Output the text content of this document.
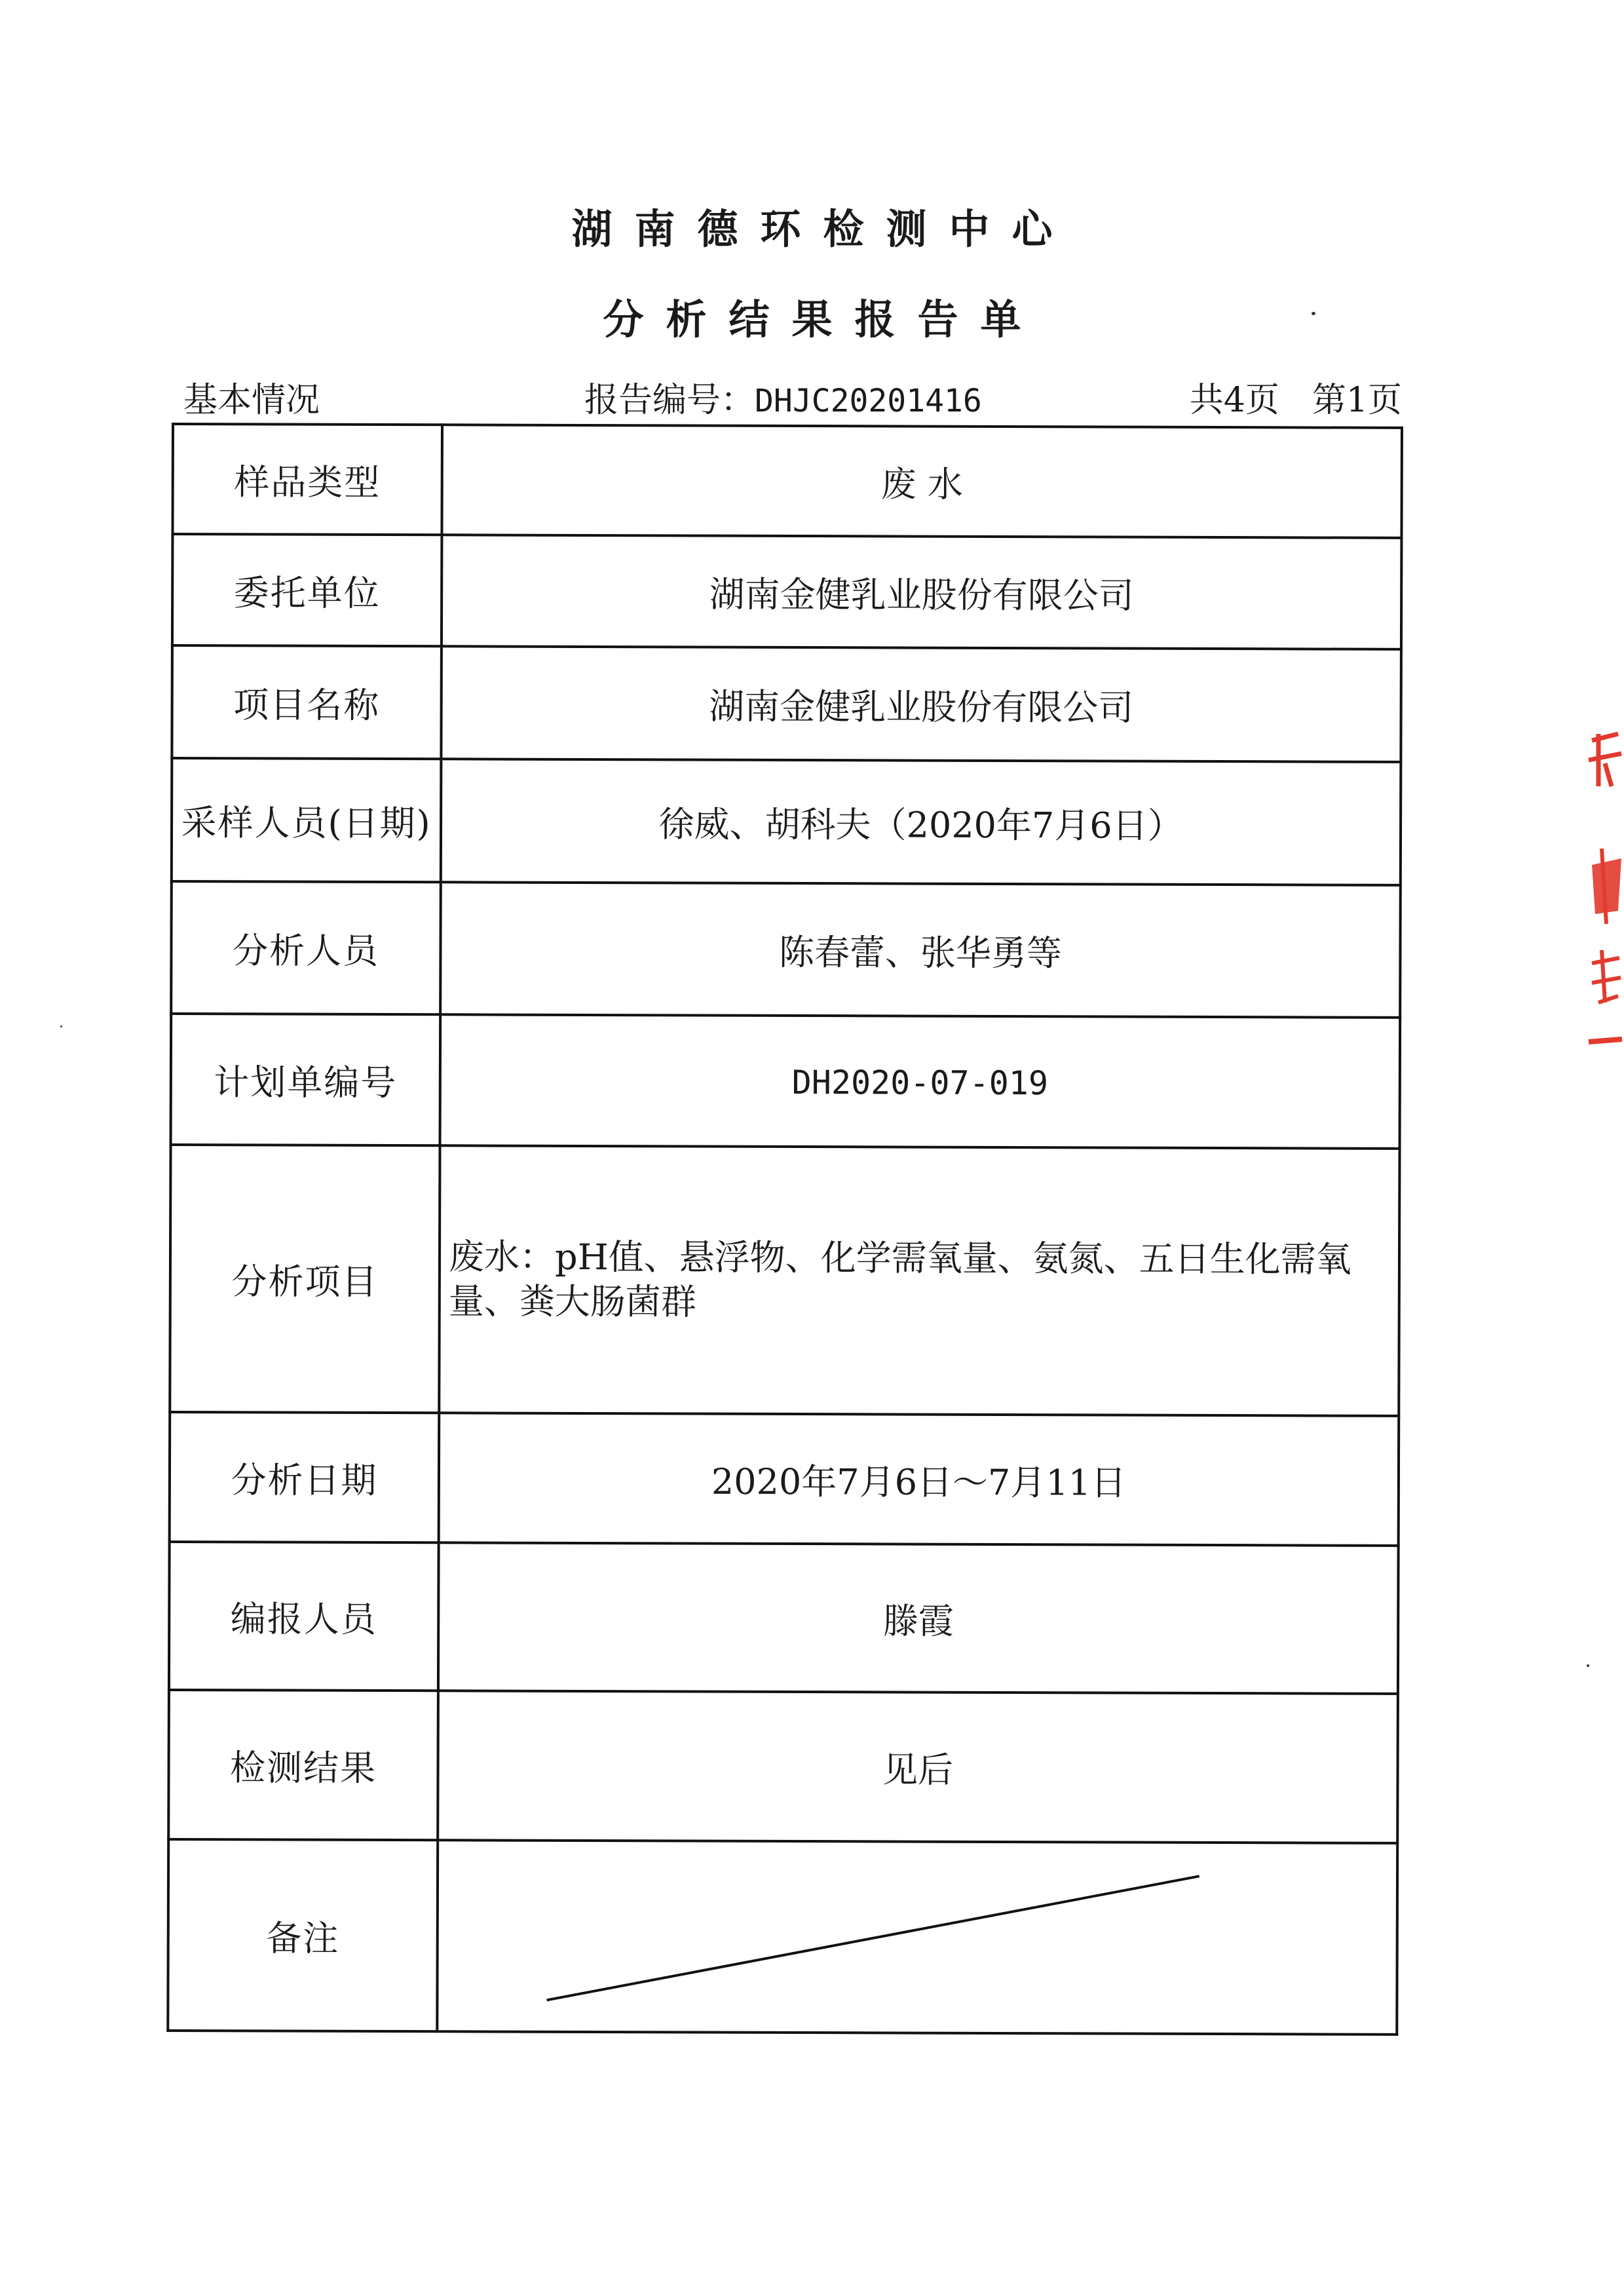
湖南德环检测中心
分析结果报告单
基本情况	报告编号：DHJC20201416	共4页 第1页
样品类型	废 水
委托单位	湖南金健乳业股份有限公司
项目名称	湖南金健乳业股份有限公司
采样人员(日期)	徐威、胡科夫（2020年7月6日）
分析人员	陈春蕾、张华勇等
计划单编号	DH2020-07-019
分析项目	废水：pH值、悬浮物、化学需氧量、氨氮、五日生化需氧量、粪大肠菌群
分析日期	2020年7月6日～7月11日
编报人员	滕霞
检测结果	见后
备注	
